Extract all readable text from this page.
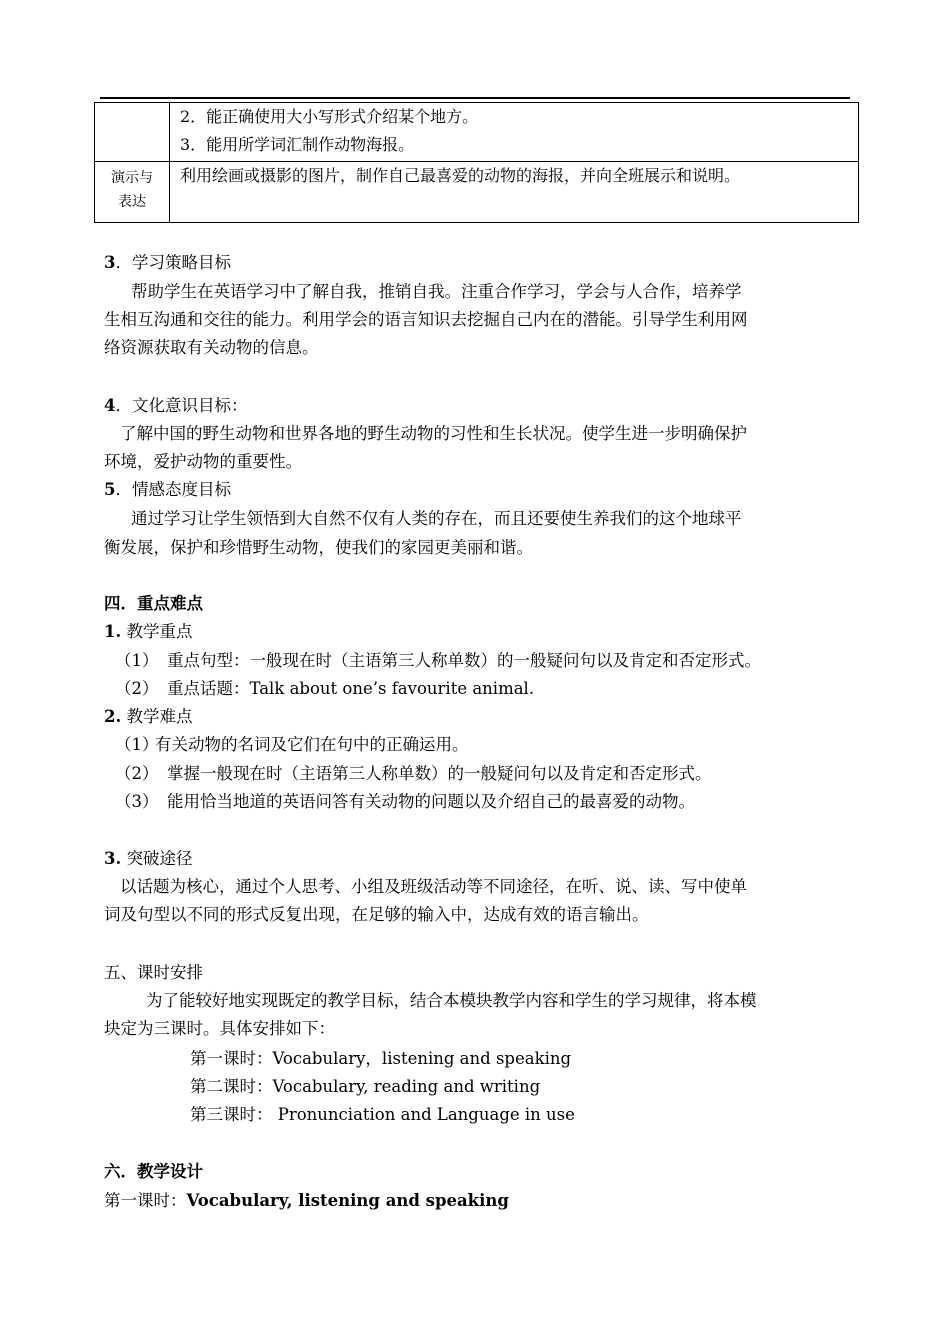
	2．能正确使用大小写形式介绍某个地方。
3．能用所学词汇制作动物海报。

演示与
表达	利用绘画或摄影的图片，制作自己最喜爱的动物的海报，并向全班展示和说明。
3．学习策略目标
帮助学生在英语学习中了解自我，推销自我。注重合作学习，学会与人合作，培养学
生相互沟通和交往的能力。利用学会的语言知识去挖掘自己内在的潜能。引导学生利用网
络资源获取有关动物的信息。
4．文化意识目标：
了解中国的野生动物和世界各地的野生动物的习性和生长状况。使学生进一步明确保护
环境，爱护动物的重要性。
5．情感态度目标
通过学习让学生领悟到大自然不仅有人类的存在，而且还要使生养我们的这个地球平
衡发展，保护和珍惜野生动物，使我们的家园更美丽和谐。
四．重点难点
1. 教学重点
（1） 重点句型：一般现在时（主语第三人称单数）的一般疑问句以及肯定和否定形式。
（2） 重点话题：Talk about one’s favourite animal.
2. 教学难点
（1）有关动物的名词及它们在句中的正确运用。
（2） 掌握一般现在时（主语第三人称单数）的一般疑问句以及肯定和否定形式。
（3） 能用恰当地道的英语问答有关动物的问题以及介绍自己的最喜爱的动物。
3. 突破途径
以话题为核心，通过个人思考、小组及班级活动等不同途径，在听、说、读、写中使单
词及句型以不同的形式反复出现，在足够的输入中，达成有效的语言输出。
五、课时安排
为了能较好地实现既定的教学目标，结合本模块教学内容和学生的学习规律，将本模
块定为三课时。具体安排如下：
第一课时：Vocabulary，listening and speaking
第二课时：Vocabulary, reading and writing
第三课时： Pronunciation and Language in use
六．教学设计
第一课时：Vocabulary, listening and speaking
